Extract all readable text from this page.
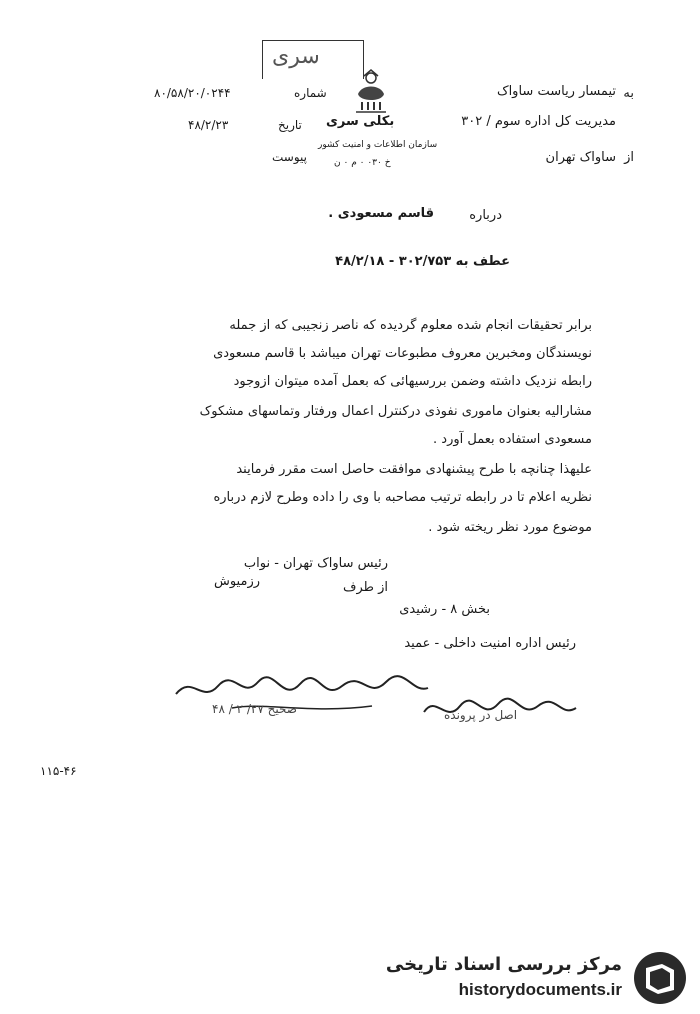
سری
بکلی سری
سازمان اطلاعات و امنیت کشور
خ ۰۳۰ ۰ م ۰ ن
به
تیمسار ریاست ساواک
مدیریت کل اداره سوم / ۳۰۲
از
ساواک تهران
شماره
۸۰/۵۸/۲۰/۰۲۴۴
تاریخ
۴۸/۲/۲۳
پیوست
درباره
قاسم مسعودی .
عطف به ۳۰۲/۷۵۳ - ۴۸/۲/۱۸
برابر تحقیقات انجام شده معلوم گردیده که ناصر زنجیبی که از جمله
نویسندگان ومخبرین معروف مطبوعات تهران میباشد با قاسم مسعودی
رابطه نزدیک داشته وضمن بررسیهائی که بعمل آمده میتوان ازوجود
مشارالیه بعنوان ماموری نفوذی درکنترل اعمال ورفتار وتماسهای مشکوک
مسعودی استفاده بعمل آورد .
علیهذا چنانچه با طرح پیشنهادی موافقت حاصل است مقرر فرمایند
نظریه اعلام تا در رابطه ترتیب مصاحبه با وی را داده وطرح لازم درباره
موضوع مورد نظر ریخته شود .
رئیس ساواک تهران - نواب
از طرف
رزمیوش
بخش ۸ - رشیدی
رئیس اداره امنیت داخلی - عمید
صحیح ۲۷/ ۲ / ۴۸	اصل در پرونده
۱۱۵-۴۶
مرکز بررسی اسناد تاریخی
historydocuments.ir
